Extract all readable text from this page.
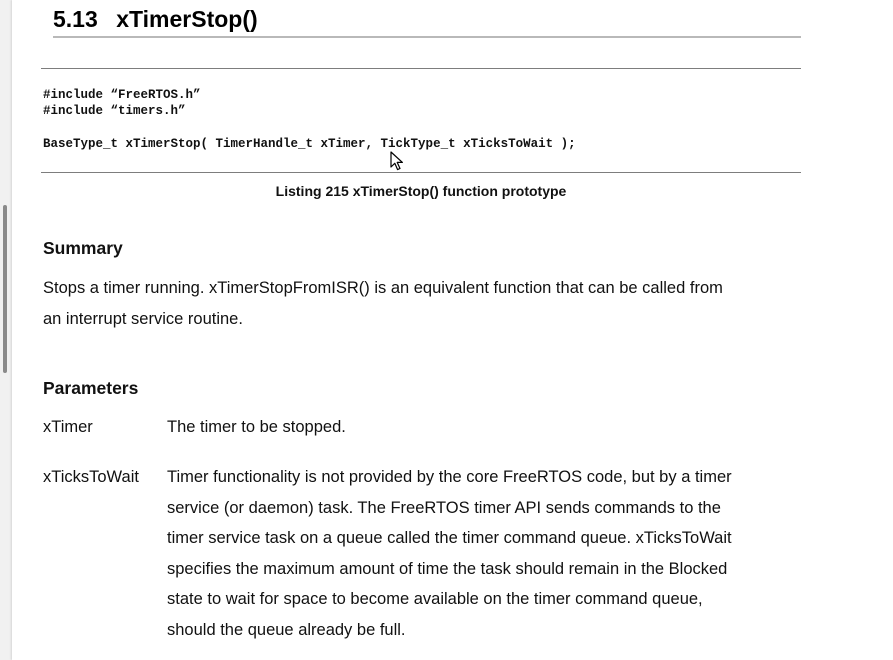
5.13 xTimerStop()
#include “FreeRTOS.h”
#include “timers.h”
BaseType_t xTimerStop( TimerHandle_t xTimer, TickType_t xTicksToWait );
Listing 215 xTimerStop() function prototype
Summary
Stops a timer running. xTimerStopFromISR() is an equivalent function that can be called from
an interrupt service routine.
Parameters
xTimer	The timer to be stopped.
xTicksToWait Timer functionality is not provided by the core FreeRTOS code, but by a timer
service (or daemon) task. The FreeRTOS timer API sends commands to the
timer service task on a queue called the timer command queue. xTicksToWait
specifies the maximum amount of time the task should remain in the Blocked
state to wait for space to become available on the timer command queue,
should the queue already be full.
